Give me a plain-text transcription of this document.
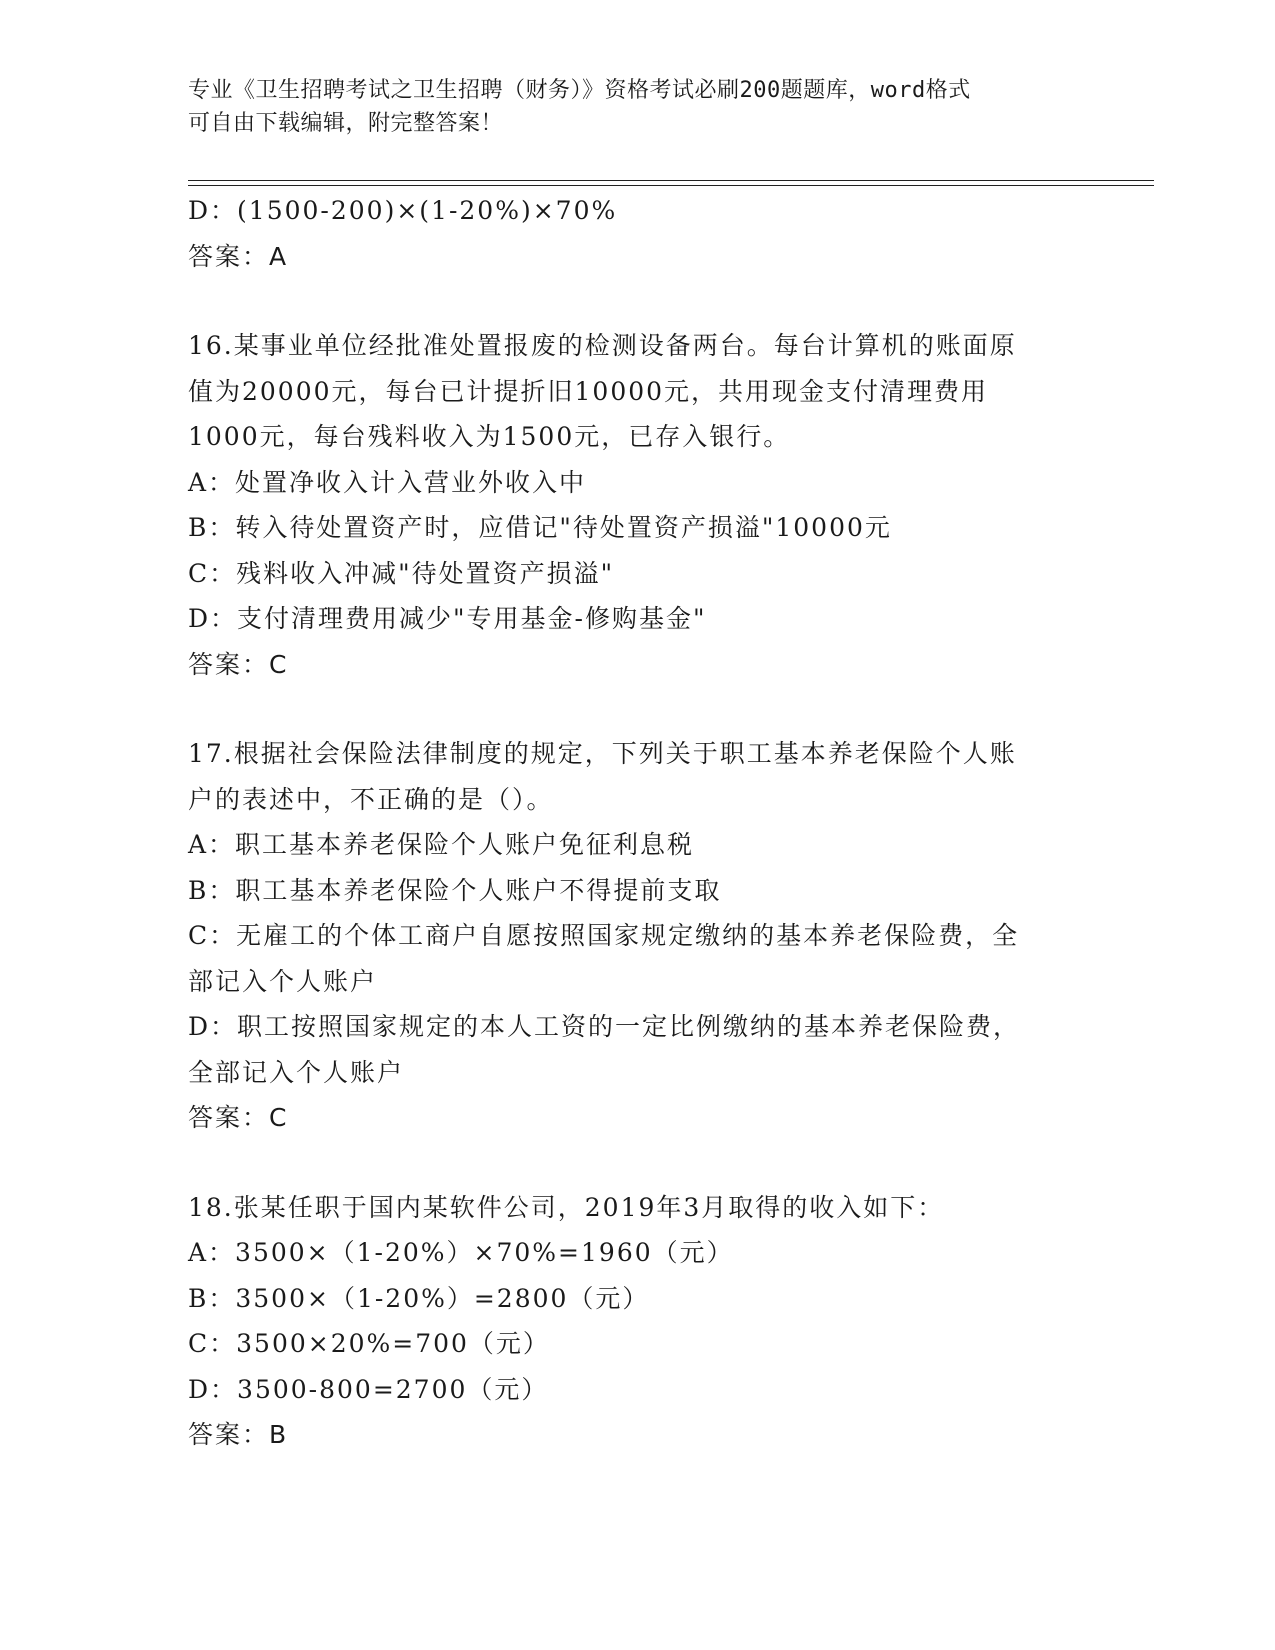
专业《卫生招聘考试之卫生招聘（财务）》资格考试必刷200题题库，word格式
可自由下载编辑，附完整答案！
D：(1500-200)×(1-20%)×70%
答案：A
16.某事业单位经批准处置报废的检测设备两台。每台计算机的账面原
值为20000元，每台已计提折旧10000元，共用现金支付清理费用
1000元，每台残料收入为1500元，已存入银行。
A：处置净收入计入营业外收入中
B：转入待处置资产时，应借记"待处置资产损溢"10000元
C：残料收入冲减"待处置资产损溢"
D：支付清理费用减少"专用基金-修购基金"
答案：C
17.根据社会保险法律制度的规定，下列关于职工基本养老保险个人账
户的表述中，不正确的是（）。
A：职工基本养老保险个人账户免征利息税
B：职工基本养老保险个人账户不得提前支取
C：无雇工的个体工商户自愿按照国家规定缴纳的基本养老保险费，全
部记入个人账户
D：职工按照国家规定的本人工资的一定比例缴纳的基本养老保险费，
全部记入个人账户
答案：C
18.张某任职于国内某软件公司，2019年3月取得的收入如下：
A：3500×（1-20%）×70%=1960（元）
B：3500×（1-20%）=2800（元）
C：3500×20%=700（元）
D：3500-800=2700（元）
答案：B
